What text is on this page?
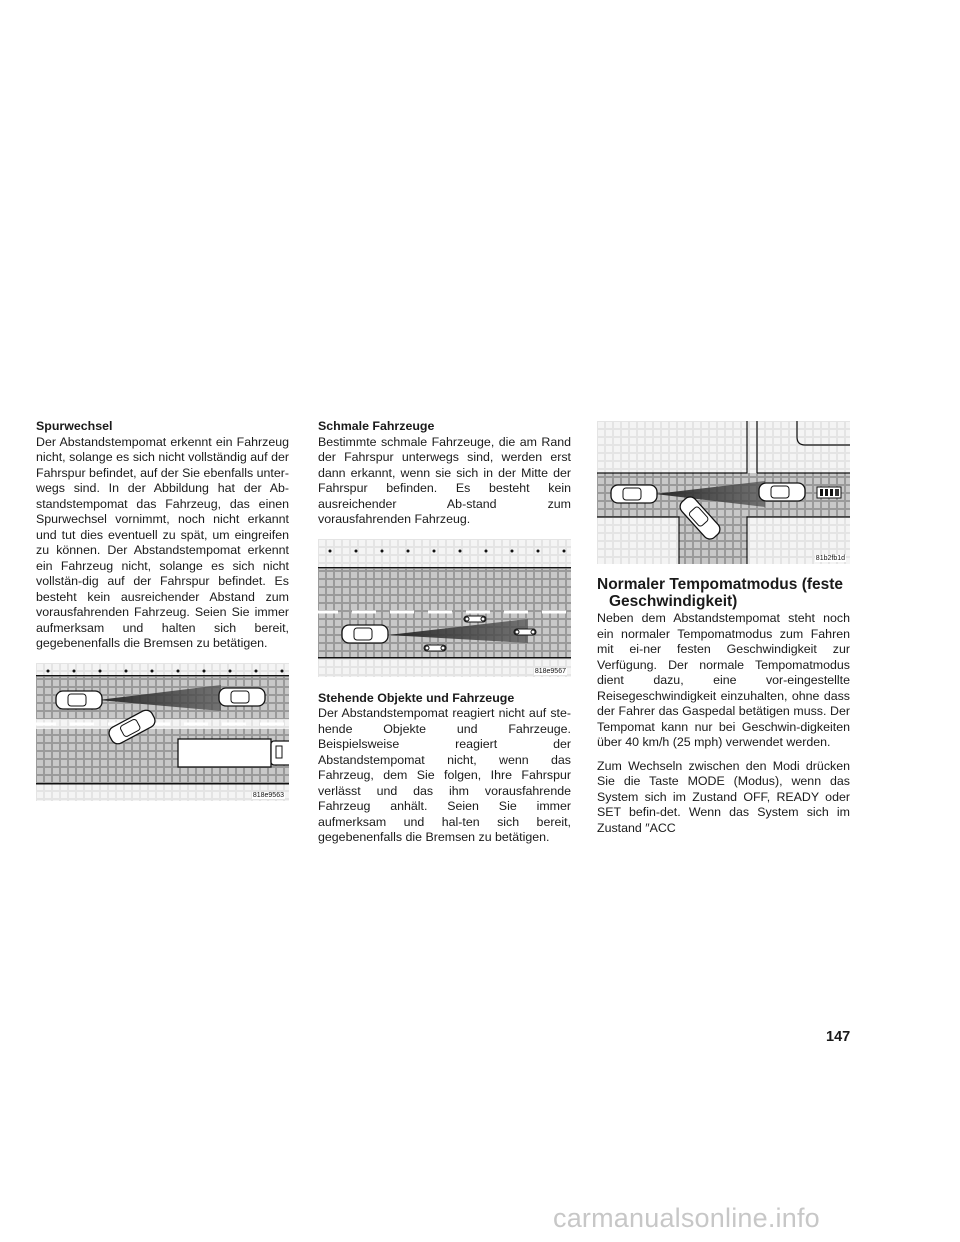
Spurwechsel

Der Abstandstempomat erkennt ein Fahrzeug nicht, solange es sich nicht vollständig auf der Fahrspur befindet, auf der Sie ebenfalls unter-wegs sind. In der Abbildung hat der Ab-standstempomat das Fahrzeug, das einen Spurwechsel vornimmt, noch nicht erkannt und tut dies eventuell zu spät, um eingreifen zu können. Der Abstandstempomat erkennt ein Fahrzeug nicht, solange es sich nicht vollstän-dig auf der Fahrspur befindet. Es besteht kein ausreichender Abstand zum vorausfahrenden Fahrzeug. Seien Sie immer aufmerksam und halten sich bereit, gegebenenfalls die Bremsen zu betätigen.

818e9563

Schmale Fahrzeuge

Bestimmte schmale Fahrzeuge, die am Rand der Fahrspur unterwegs sind, werden erst dann erkannt, wenn sie sich in der Mitte der Fahrspur befinden. Es besteht kein ausreichender Ab-stand zum vorausfahrenden Fahrzeug.

818e9567

Stehende Objekte und Fahrzeuge

Der Abstandstempomat reagiert nicht auf ste-hende Objekte und Fahrzeuge. Beispielsweise reagiert der Abstandstempomat nicht, wenn das Fahrzeug, dem Sie folgen, Ihre Fahrspur verlässt und das ihm vorausfahrende Fahrzeug anhält. Seien Sie immer aufmerksam und hal-ten sich bereit, gegebenenfalls die Bremsen zu betätigen.

81b2fb1d

Normaler Tempomatmodus (feste
Geschwindigkeit)

Neben dem Abstandstempomat steht noch ein normaler Tempomatmodus zum Fahren mit ei-ner festen Geschwindigkeit zur Verfügung. Der normale Tempomatmodus dient dazu, eine vor-eingestellte Reisegeschwindigkeit einzuhalten, ohne dass der Fahrer das Gaspedal betätigen muss. Der Tempomat kann nur bei Geschwin-digkeiten über 40 km/h (25 mph) verwendet werden.

Zum Wechseln zwischen den Modi drücken Sie die Taste MODE (Modus), wenn das System sich im Zustand OFF, READY oder SET befin-det. Wenn das System sich im Zustand ″ACC

147
carmanualsonline.info
